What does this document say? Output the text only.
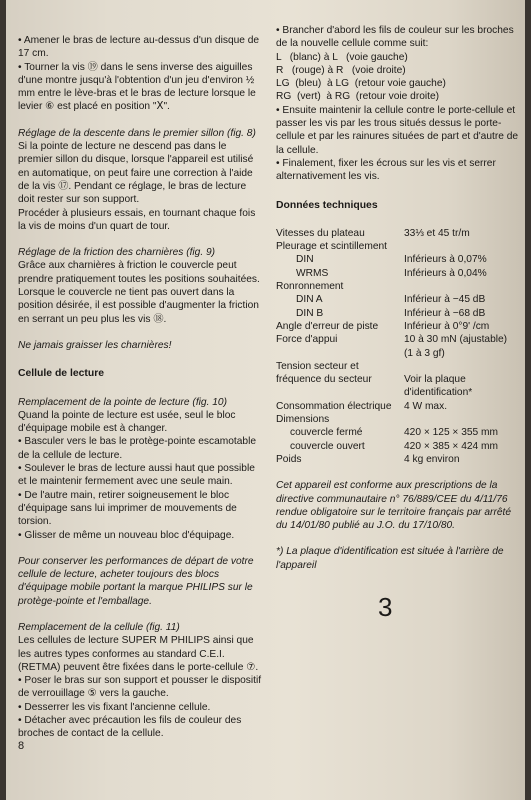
• Amener le bras de lecture au-dessus d'un disque de 17 cm.

• Tourner la vis ⑲ dans le sens inverse des aiguilles d'une montre jusqu'à l'obtention d'un jeu d'environ ½ mm entre le lève-bras et le bras de lecture lorsque le levier ⑥ est placé en position "Ⅹ".

Réglage de la descente dans le premier sillon (fig. 8)

Si la pointe de lecture ne descend pas dans le premier sillon du disque, lorsque l'appareil est utilisé en automatique, on peut faire une correction à l'aide de la vis ⑰. Pendant ce réglage, le bras de lecture doit rester sur son support.

Procéder à plusieurs essais, en tournant chaque fois la vis de moins d'un quart de tour.

Réglage de la friction des charnières (fig. 9)

Grâce aux charnières à friction le couvercle peut prendre pratiquement toutes les positions souhaitées. Lorsque le couvercle ne tient pas ouvert dans la position désirée, il est possible d'augmenter la friction en serrant un peu plus les vis ⑱.

Ne jamais graisser les charnières!

Cellule de lecture

Remplacement de la pointe de lecture (fig. 10)

Quand la pointe de lecture est usée, seul le bloc d'équipage mobile est à changer.

• Basculer vers le bas le protège-pointe escamotable de la cellule de lecture.

• Soulever le bras de lecture aussi haut que possible et le maintenir fermement avec une seule main.

• De l'autre main, retirer soigneusement le bloc d'équipage sans lui imprimer de mouvements de torsion.

• Glisser de même un nouveau bloc d'équipage.

Pour conserver les performances de départ de votre cellule de lecture, acheter toujours des blocs d'équipage mobile portant la marque PHILIPS sur le protège-pointe et l'emballage.

Remplacement de la cellule (fig. 11)

Les cellules de lecture SUPER M PHILIPS ainsi que les autres types conformes au standard C.E.I. (RETMA) peuvent être fixées dans le porte-cellule ⑦.

• Poser le bras sur son support et pousser le dispositif de verrouillage ⑤ vers la gauche.

• Desserrer les vis fixant l'ancienne cellule.

• Détacher avec précaution les fils de couleur des broches de contact de la cellule.

• Brancher d'abord les fils de couleur sur les broches de la nouvelle cellule comme suit:

L   (blanc) à L   (voie gauche)
R   (rouge) à R   (voie droite)
LG  (bleu)  à LG  (retour voie gauche)
RG  (vert)  à RG  (retour voie droite)

• Ensuite maintenir la cellule contre le porte-cellule et passer les vis par les trous situés dessus le porte-cellule et par les rainures situées de part et d'autre de la cellule.

• Finalement, fixer les écrous sur les vis et serrer alternativement les vis.

Données techniques

Vitesses du plateau	33⅓ et 45 tr/m
Pleurage et scintillement
DIN	Inférieurs à 0,07%
WRMS	Inférieurs à 0,04%
Ronronnement
DIN A	Inférieur à −45 dB
DIN B	Inférieur à −68 dB
Angle d'erreur de piste	Inférieur à 0°9' /cm
Force d'appui	10 à 30 mN (ajustable)
(1 à 3 gf)
Tension secteur et
fréquence du secteur	Voir la plaque d'identification*
Consommation électrique	4 W max.
Dimensions
couvercle fermé	420 × 125 × 355 mm
couvercle ouvert	420 × 385 × 424 mm
Poids	4 kg environ

Cet appareil est conforme aux prescriptions de la directive communautaire n° 76/889/CEE du 4/11/76 rendue obligatoire sur le territoire français par arrêté du 14/01/80 publié au J.O. du 17/10/80.

*) La plaque d'identification est située à l'arrière de l'appareil

3
8
